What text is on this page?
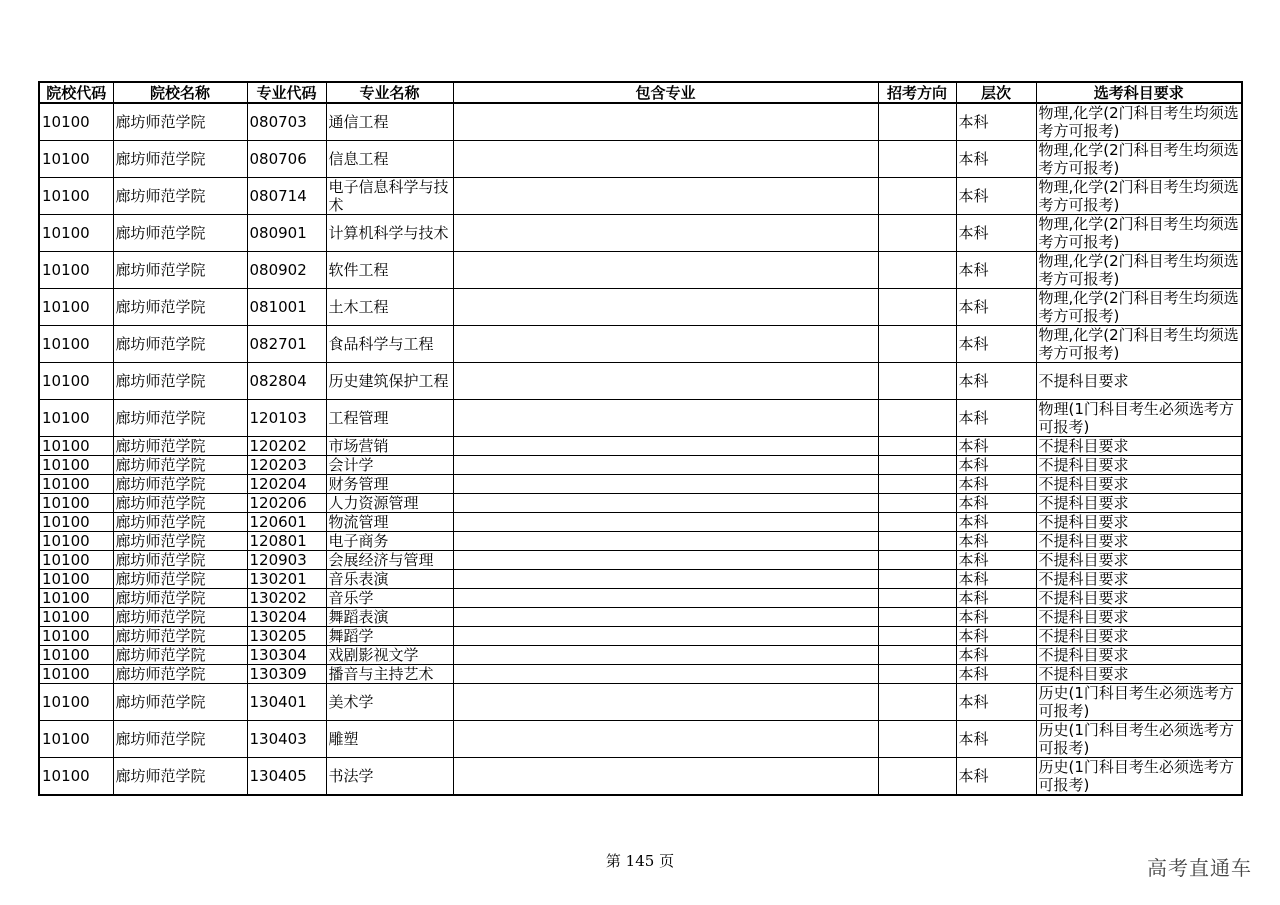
院校代码	院校名称	专业代码	专业名称	包含专业	招考方向	层次	选考科目要求
10100	廊坊师范学院	080703	通信工程			本科	物理,化学(2门科目考生均须选考方可报考)
10100	廊坊师范学院	080706	信息工程			本科	物理,化学(2门科目考生均须选考方可报考)
10100	廊坊师范学院	080714	电子信息科学与技术			本科	物理,化学(2门科目考生均须选考方可报考)
10100	廊坊师范学院	080901	计算机科学与技术			本科	物理,化学(2门科目考生均须选考方可报考)
10100	廊坊师范学院	080902	软件工程			本科	物理,化学(2门科目考生均须选考方可报考)
10100	廊坊师范学院	081001	土木工程			本科	物理,化学(2门科目考生均须选考方可报考)
10100	廊坊师范学院	082701	食品科学与工程			本科	物理,化学(2门科目考生均须选考方可报考)
10100	廊坊师范学院	082804	历史建筑保护工程			本科	不提科目要求
10100	廊坊师范学院	120103	工程管理			本科	物理(1门科目考生必须选考方可报考)
10100	廊坊师范学院	120202	市场营销			本科	不提科目要求
10100	廊坊师范学院	120203	会计学			本科	不提科目要求
10100	廊坊师范学院	120204	财务管理			本科	不提科目要求
10100	廊坊师范学院	120206	人力资源管理			本科	不提科目要求
10100	廊坊师范学院	120601	物流管理			本科	不提科目要求
10100	廊坊师范学院	120801	电子商务			本科	不提科目要求
10100	廊坊师范学院	120903	会展经济与管理			本科	不提科目要求
10100	廊坊师范学院	130201	音乐表演			本科	不提科目要求
10100	廊坊师范学院	130202	音乐学			本科	不提科目要求
10100	廊坊师范学院	130204	舞蹈表演			本科	不提科目要求
10100	廊坊师范学院	130205	舞蹈学			本科	不提科目要求
10100	廊坊师范学院	130304	戏剧影视文学			本科	不提科目要求
10100	廊坊师范学院	130309	播音与主持艺术			本科	不提科目要求
10100	廊坊师范学院	130401	美术学			本科	历史(1门科目考生必须选考方可报考)
10100	廊坊师范学院	130403	雕塑			本科	历史(1门科目考生必须选考方可报考)
10100	廊坊师范学院	130405	书法学			本科	历史(1门科目考生必须选考方可报考)
第 145 页	高考直通车
